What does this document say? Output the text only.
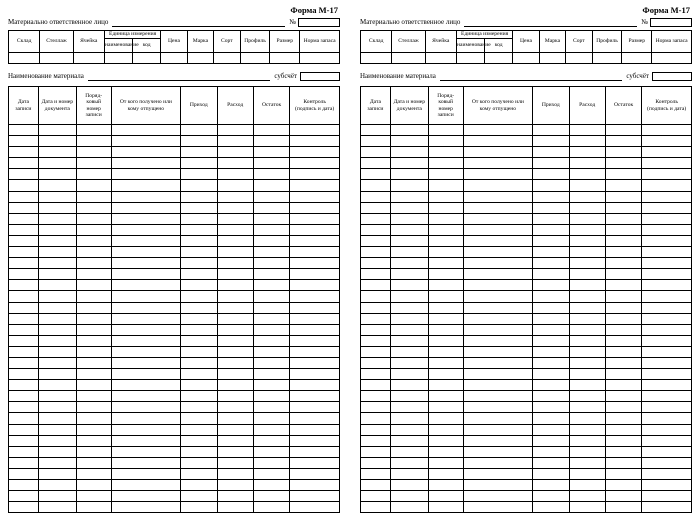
Форма М-17
Материально ответственное лицо	№
Склад	Стеллаж	Ячейка	Единица измерения		Цена	Марка	Сорт	Профиль	Размер	Норма запаса
			наименование	код						

Наименование материала	субсчёт
Дата записи	Дата и номер документа	Поряд-ковый номер записи	От кого получено или кому отпущено	Приход	Расход	Остаток	Контроль (подпись и дата)

Форма М-17
Материально ответственное лицо	№
Склад	Стеллаж	Ячейка	Единица измерения		Цена	Марка	Сорт	Профиль	Размер	Норма запаса
			наименование	код						

Наименование материала	субсчёт
Дата записи	Дата и номер документа	Поряд-ковый номер записи	От кого получено или кому отпущено	Приход	Расход	Остаток	Контроль (подпись и дата)
